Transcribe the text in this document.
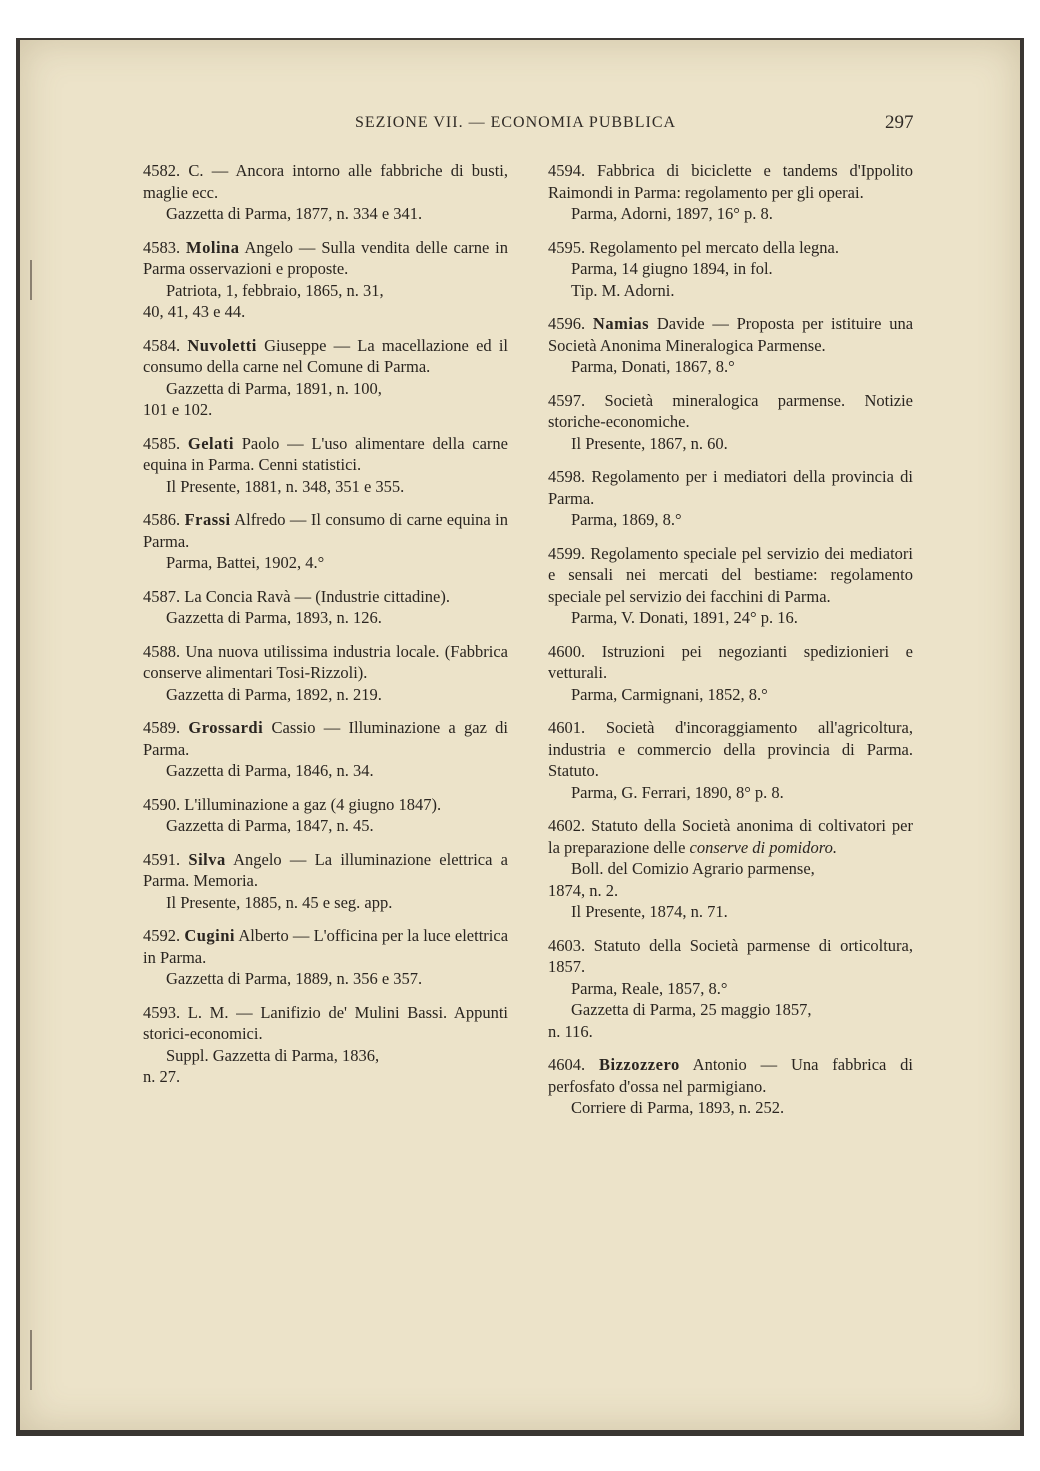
SEZIONE VII. — ECONOMIA PUBBLICA	297
4582. C. — Ancora intorno alle fabbriche di busti, maglie ecc.
Gazzetta di Parma, 1877, n. 334 e 341.
4583. Molina Angelo — Sulla vendita delle carne in Parma osservazioni e proposte.
Patriota, 1, febbraio, 1865, n. 31,
40, 41, 43 e 44.
4584. Nuvoletti Giuseppe — La macellazione ed il consumo della carne nel Comune di Parma.
Gazzetta di Parma, 1891, n. 100,
101 e 102.
4585. Gelati Paolo — L'uso alimentare della carne equina in Parma. Cenni statistici.
Il Presente, 1881, n. 348, 351 e 355.
4586. Frassi Alfredo — Il consumo di carne equina in Parma.
Parma, Battei, 1902, 4.°
4587. La Concia Ravà — (Industrie cittadine).
Gazzetta di Parma, 1893, n. 126.
4588. Una nuova utilissima industria locale. (Fabbrica conserve alimentari Tosi-Rizzoli).
Gazzetta di Parma, 1892, n. 219.
4589. Grossardi Cassio — Illuminazione a gaz di Parma.
Gazzetta di Parma, 1846, n. 34.
4590. L'illuminazione a gaz (4 giugno 1847).
Gazzetta di Parma, 1847, n. 45.
4591. Silva Angelo — La illuminazione elettrica a Parma. Memoria.
Il Presente, 1885, n. 45 e seg. app.
4592. Cugini Alberto — L'officina per la luce elettrica in Parma.
Gazzetta di Parma, 1889, n. 356 e 357.
4593. L. M. — Lanifizio de' Mulini Bassi. Appunti storici-economici.
Suppl. Gazzetta di Parma, 1836,
n. 27.
4594. Fabbrica di biciclette e tandems d'Ippolito Raimondi in Parma: regolamento per gli operai.
Parma, Adorni, 1897, 16° p. 8.
4595. Regolamento pel mercato della legna.
Parma, 14 giugno 1894, in fol.
Tip. M. Adorni.
4596. Namias Davide — Proposta per istituire una Società Anonima Mineralogica Parmense.
Parma, Donati, 1867, 8.°
4597. Società mineralogica parmense. Notizie storiche-economiche.
Il Presente, 1867, n. 60.
4598. Regolamento per i mediatori della provincia di Parma.
Parma, 1869, 8.°
4599. Regolamento speciale pel servizio dei mediatori e sensali nei mercati del bestiame: regolamento speciale pel servizio dei facchini di Parma.
Parma, V. Donati, 1891, 24° p. 16.
4600. Istruzioni pei negozianti spedizionieri e vetturali.
Parma, Carmignani, 1852, 8.°
4601. Società d'incoraggiamento all'agricoltura, industria e commercio della provincia di Parma. Statuto.
Parma, G. Ferrari, 1890, 8° p. 8.
4602. Statuto della Società anonima di coltivatori per la preparazione delle conserve di pomidoro.
Boll. del Comizio Agrario parmense,
1874, n. 2.
Il Presente, 1874, n. 71.
4603. Statuto della Società parmense di orticoltura, 1857.
Parma, Reale, 1857, 8.°
Gazzetta di Parma, 25 maggio 1857,
n. 116.
4604. Bizzozzero Antonio — Una fabbrica di perfosfato d'ossa nel parmigiano.
Corriere di Parma, 1893, n. 252.
